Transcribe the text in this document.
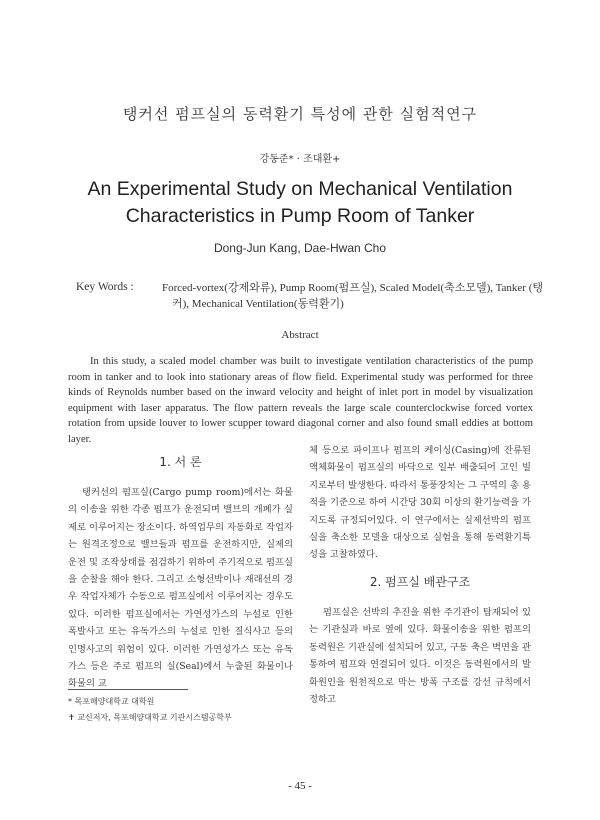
탱커선 펌프실의 동력환기 특성에 관한 실험적연구
강동준* · 조대환+
An Experimental Study on Mechanical Ventilation
Characteristics in Pump Room of Tanker
Dong-Jun Kang, Dae-Hwan Cho
Key Words :	Forced-vortex(강제와류), Pump Room(펌프실), Scaled Model(축소모델), Tanker (탱커), Mechanical Ventilation(동력환기)
Abstract
In this study, a scaled model chamber was built to investigate ventilation characteristics of the pump room in tanker and to look into stationary areas of flow field. Experimental study was performed for three kinds of Reynolds number based on the inward velocity and height of inlet port in model by visualization equipment with laser apparatus. The flow pattern reveals the large scale counterclockwise forced vortex rotation from upside louver to lower scupper toward diagonal corner and also found small eddies at bottom layer.
1. 서 론

탱커선의 펌프실(Cargo pump room)에서는 화물의 이송을 위한 각종 펌프가 운전되며 밸브의 개폐가 실제로 이루어지는 장소이다. 하역업무의 자동화로 작업자는 원격조정으로 밸브들과 펌프를 운전하지만, 실제의 운전 및 조작상태를 점검하기 위하여 주기적으로 펌프실을 순찰을 해야 한다. 그리고 소형선박이나 재래선의 경우 작업자체가 수동으로 펌프실에서 이루어지는 경우도 있다. 이러한 펌프실에서는 가연성가스의 누설로 인한 폭발사고 또는 유독가스의 누설로 인한 질식사고 등의 인명사고의 위험이 있다. 이러한 가연성가스 또는 유독가스 등은 주로 펌프의 실(Seal)에서 누출된 화물이나 화물의 교

* 목포해양대학교 대학원
✝ 교신저자, 목포해양대학교 기관시스템공학부

체 등으로 파이프나 펌프의 케이싱(Casing)에 잔류된 액체화물이 펌프실의 바닥으로 일부 배출되어 고인 빌지로부터 발생한다. 따라서 통풍장치는 그 구역의 총 용적을 기준으로 하여 시간당 30회 이상의 환기능력을 가지도록 규정되어있다. 이 연구에서는 실제선박의 펌프실을 축소한 모델을 대상으로 실험을 통해 동력환기특성을 고찰하였다.

2. 펌프실 배관구조

펌프실은 선박의 추진을 위한 주기관이 탑재되어 있는 기관실과 바로 옆에 있다. 화물이송을 위한 펌프의 동력원은 기관실에 설치되어 있고, 구동 축은 벽면을 관통하여 펌프와 연결되어 있다. 이것은 동력원에서의 발화원인을 원천적으로 막는 방폭 구조를 강선 규칙에서 정하고

- 45 -
